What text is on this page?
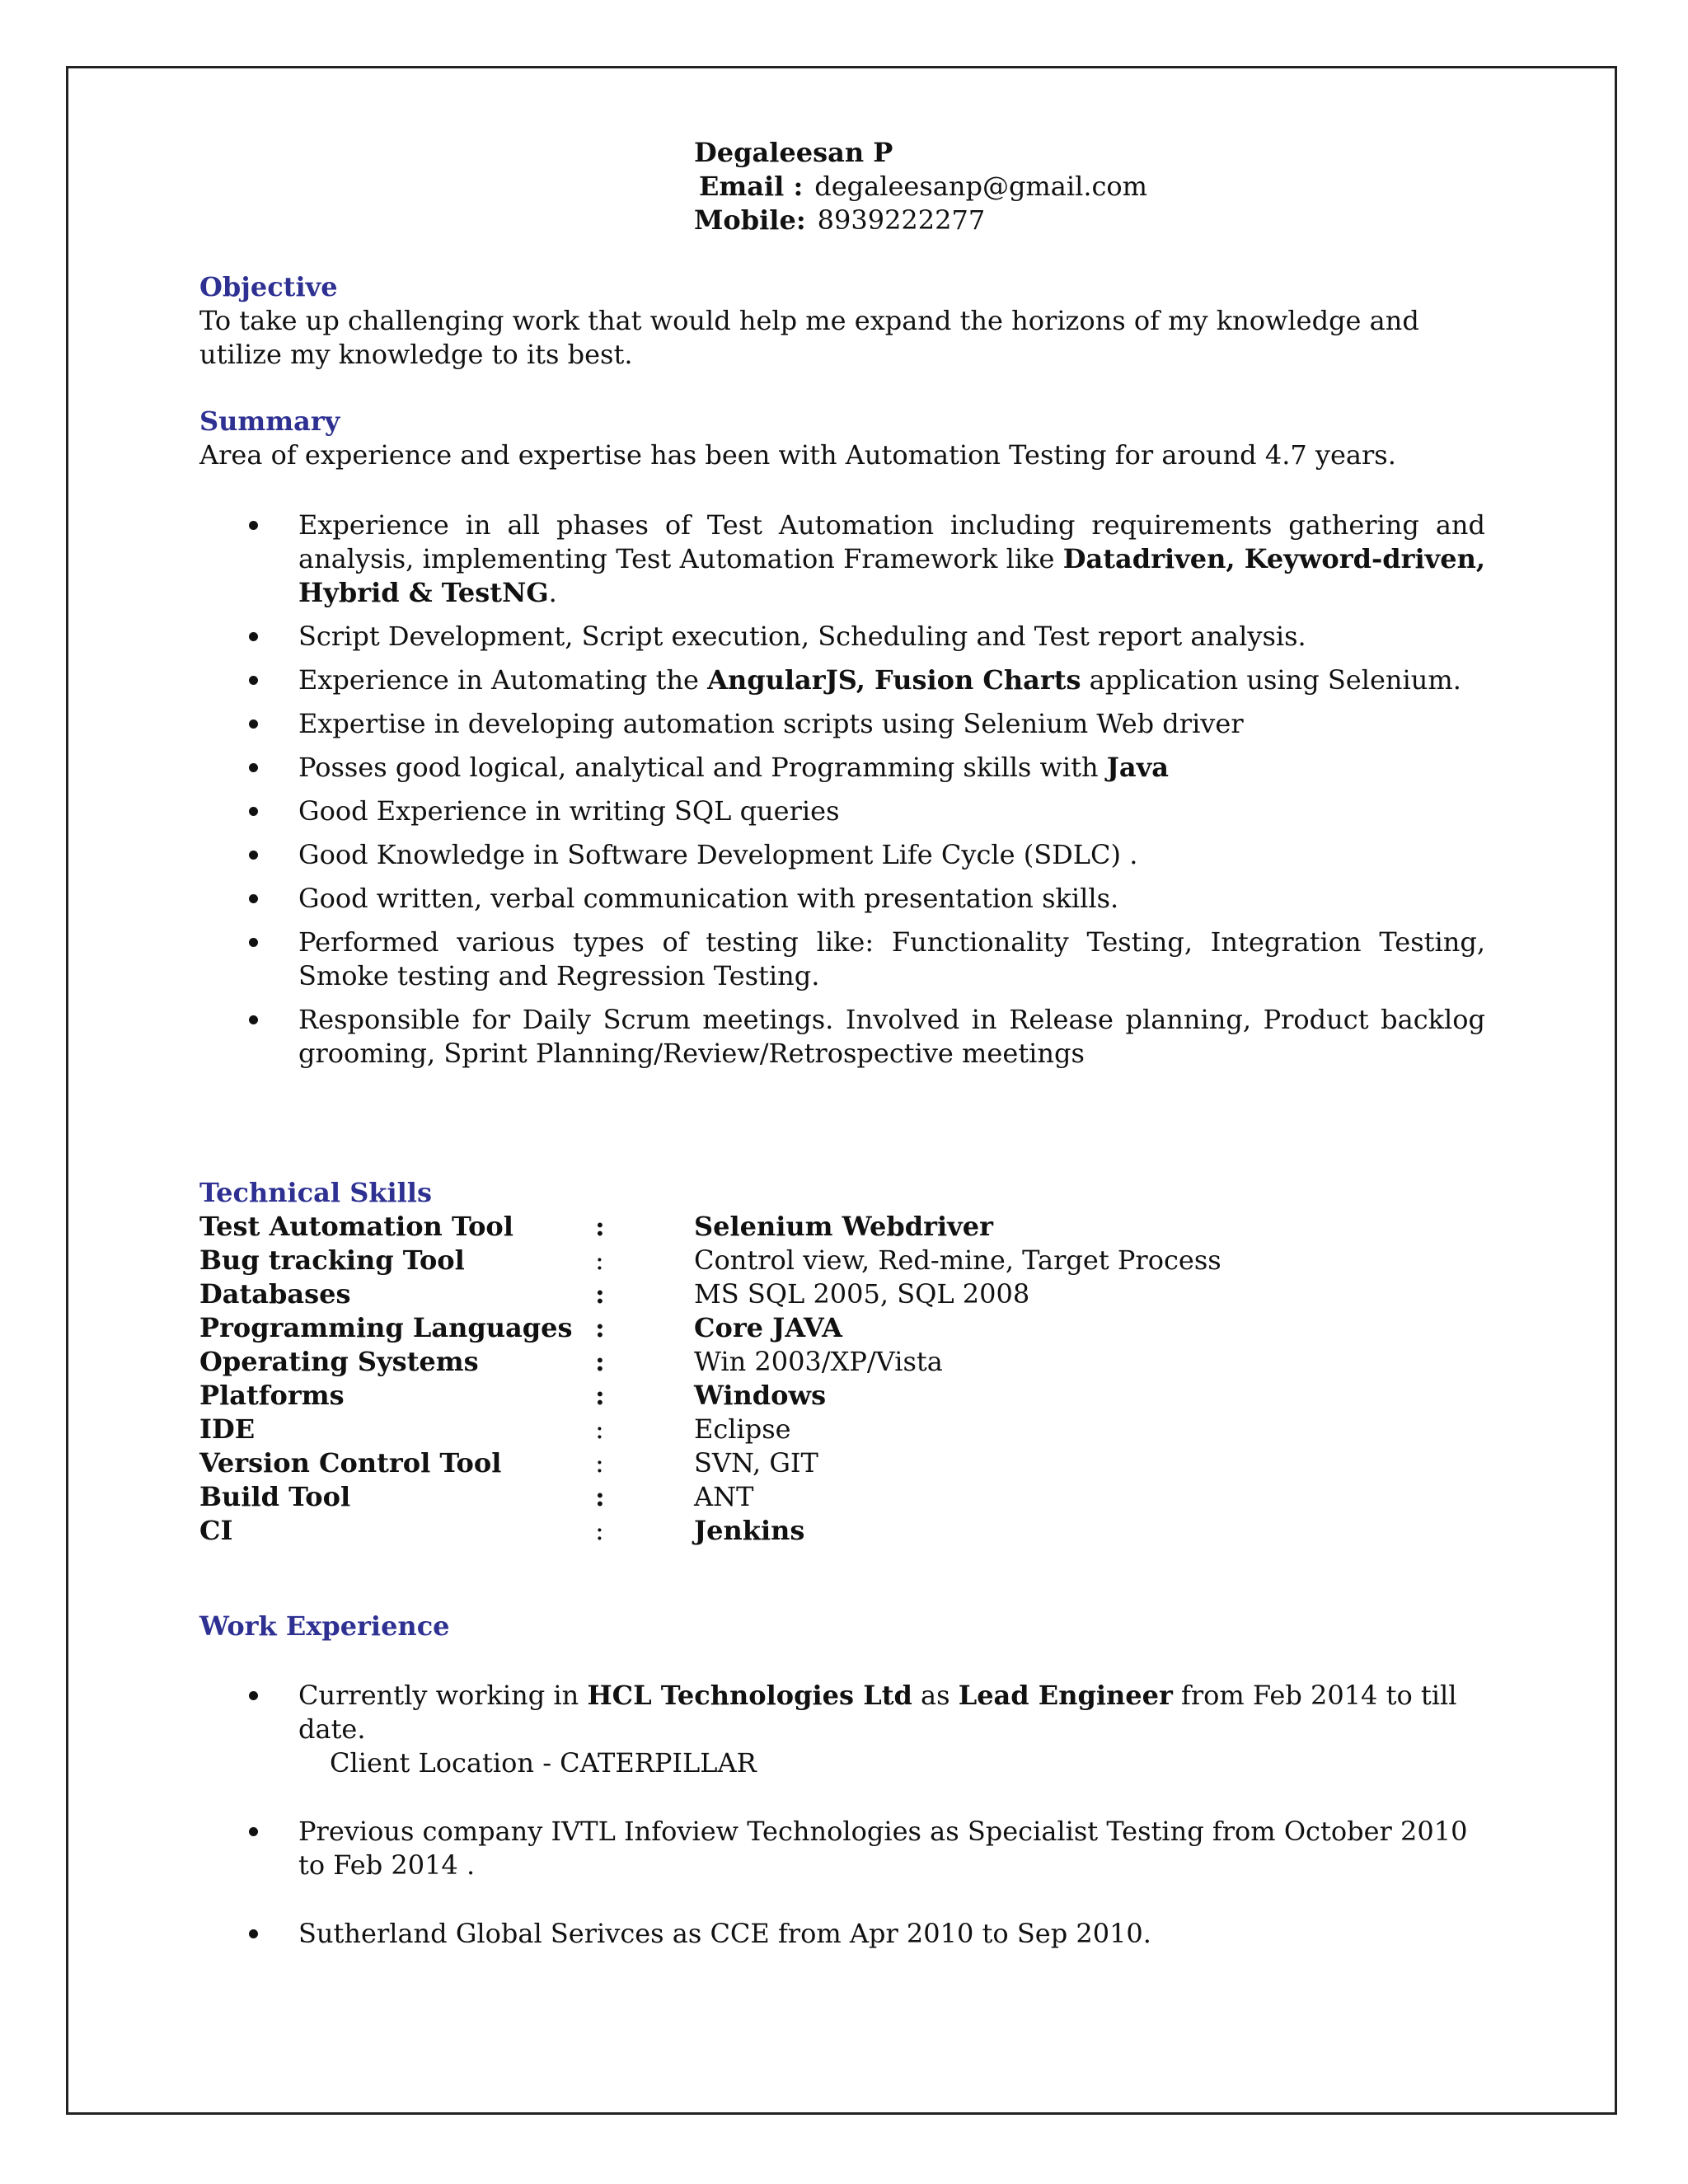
Degaleesan P
Email : degaleesanp@gmail.com
Mobile: 8939222277
Objective

To take up challenging work that would help me expand the horizons of my knowledge and utilize my knowledge to its best.

Summary

Area of experience and expertise has been with Automation Testing for around 4.7 years.

Experience in all phases of Test Automation including requirements gathering and analysis, implementing Test Automation Framework like Datadriven, Keyword-driven, Hybrid & TestNG.
Script Development, Script execution, Scheduling and Test report analysis.
Experience in Automating the AngularJS, Fusion Charts application using Selenium.
Expertise in developing automation scripts using Selenium Web driver
Posses good logical, analytical and Programming skills with Java
Good Experience in writing SQL queries
Good Knowledge in Software Development Life Cycle (SDLC) .
Good written, verbal communication with presentation skills.
Performed various types of testing like: Functionality Testing, Integration Testing, Smoke testing and Regression Testing.
Responsible for Daily Scrum meetings. Involved in Release planning, Product backlog grooming, Sprint Planning/Review/Retrospective meetings
Technical Skills
Test Automation Tool	:	Selenium Webdriver
Bug tracking Tool	:	Control view, Red-mine, Target Process
Databases	:	MS SQL 2005, SQL 2008
Programming Languages	:	Core JAVA
Operating Systems	:	Win 2003/XP/Vista
Platforms	:	Windows
IDE	:	Eclipse
Version Control Tool	:	SVN, GIT
Build Tool	:	ANT
CI	:	Jenkins
Work Experience
Currently working in HCL Technologies Ltd as Lead Engineer from Feb 2014 to till date.
Client Location - CATERPILLAR
Previous company IVTL Infoview Technologies as Specialist Testing from October 2010 to Feb 2014 .
Sutherland Global Serivces as CCE from Apr 2010 to Sep 2010.
